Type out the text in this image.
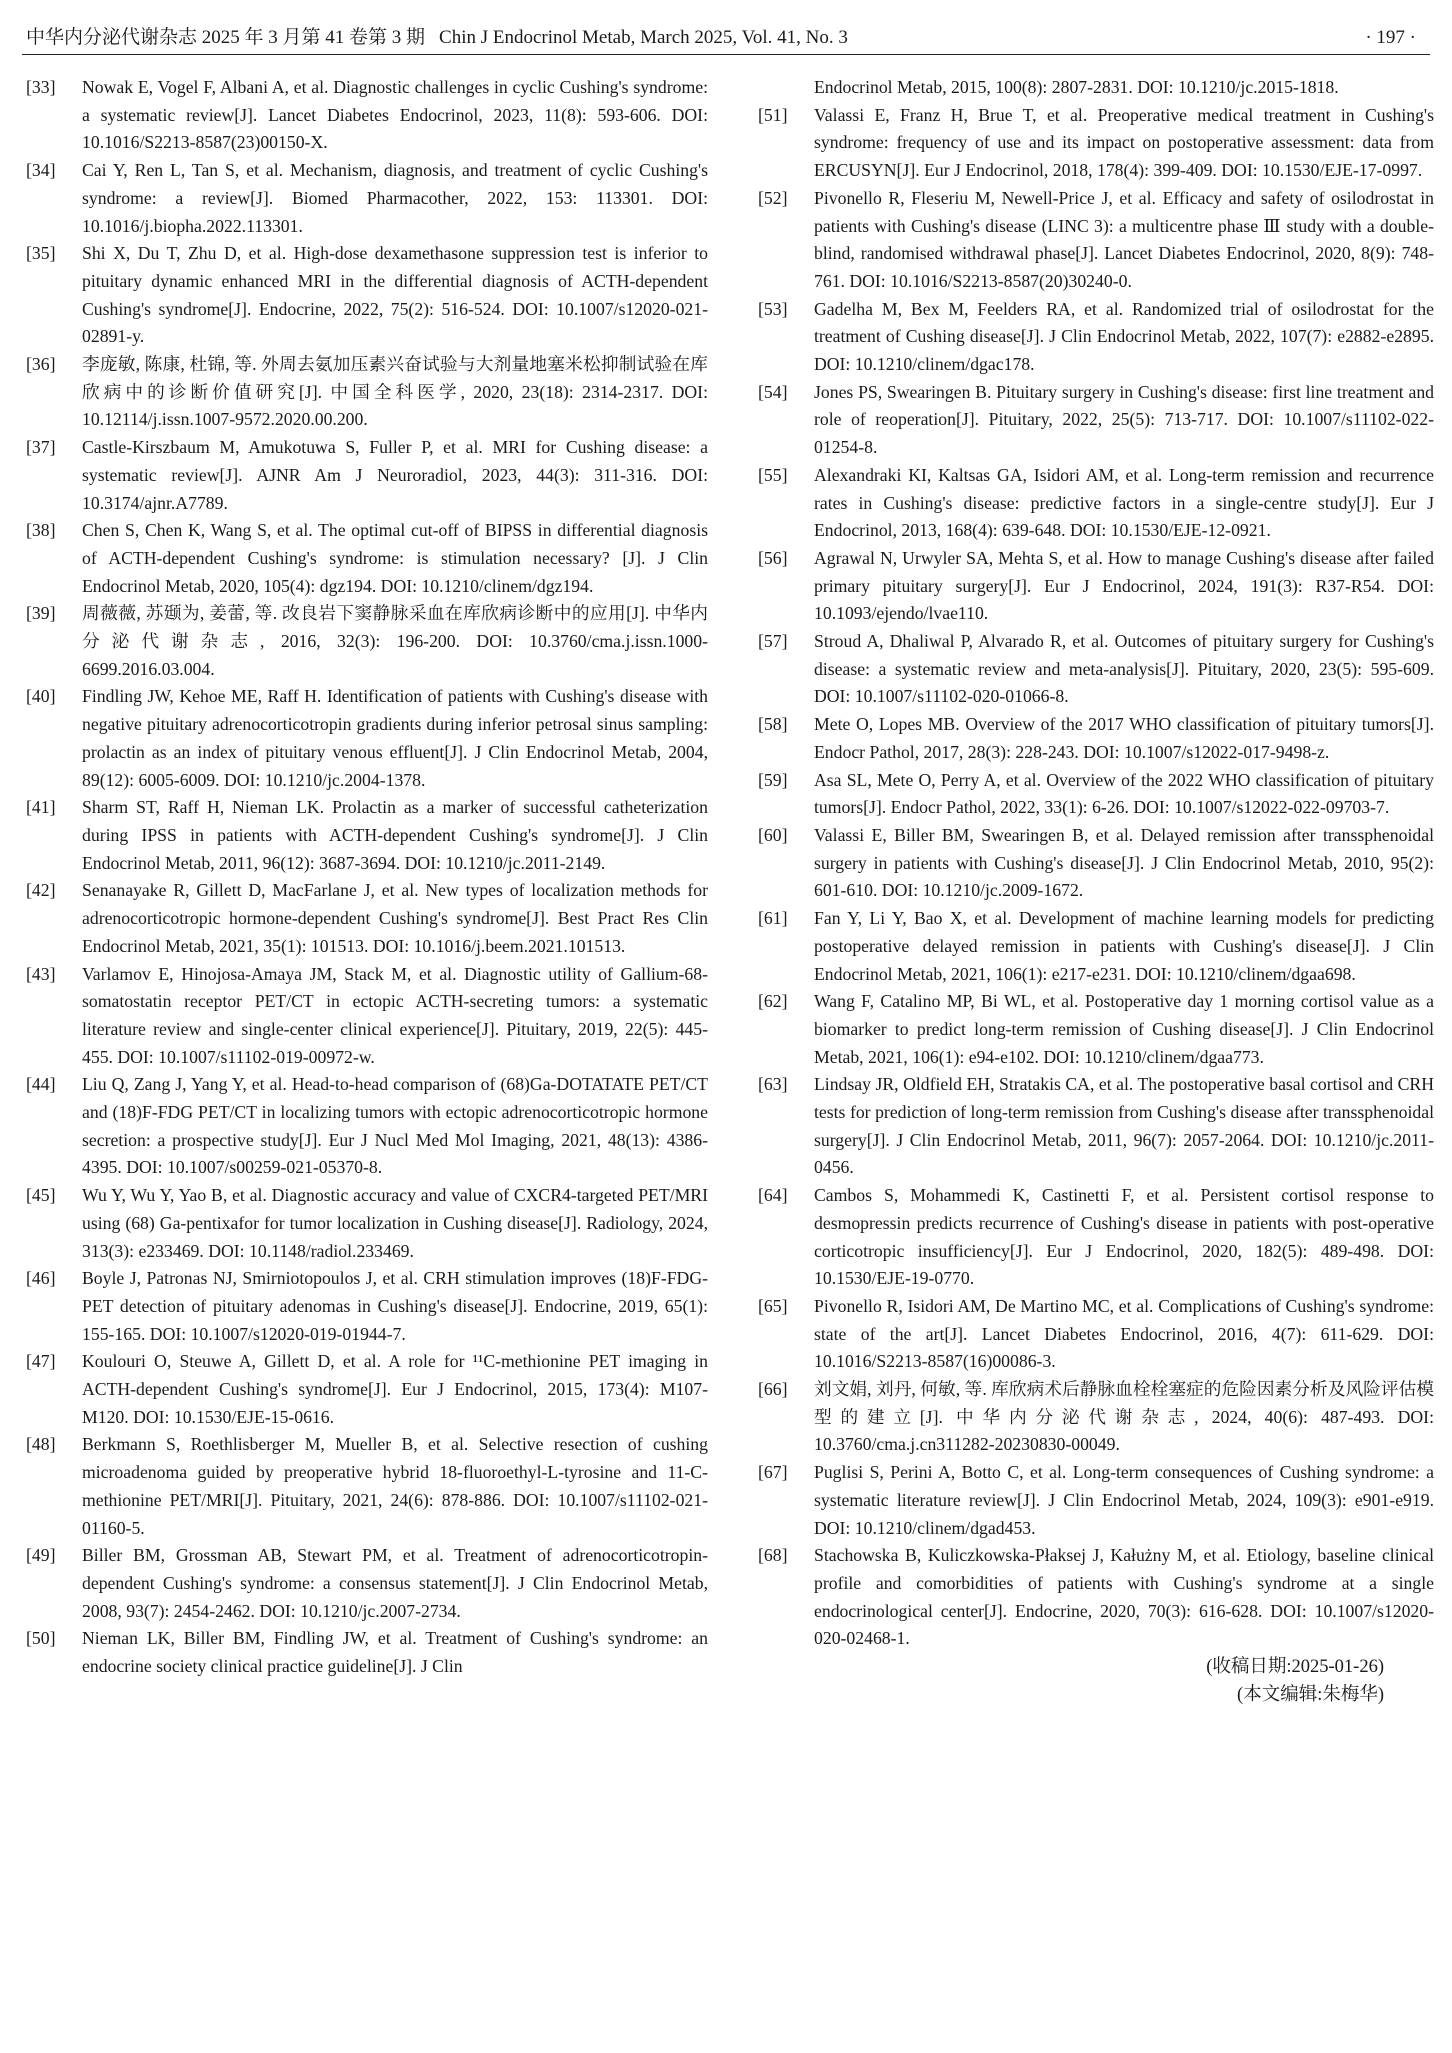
中华内分泌代谢杂志 2025 年 3 月第 41 卷第 3 期 Chin J Endocrinol Metab, March 2025, Vol. 41, No. 3	· 197 ·
[33]	Nowak E, Vogel F, Albani A, et al. Diagnostic challenges in cyclic Cushing's syndrome: a systematic review[J]. Lancet Diabetes Endocrinol, 2023, 11(8): 593-606. DOI: 10.1016/S2213-8587(23)00150-X.
[34]	Cai Y, Ren L, Tan S, et al. Mechanism, diagnosis, and treatment of cyclic Cushing's syndrome: a review[J]. Biomed Pharmacother, 2022, 153: 113301. DOI: 10.1016/j.biopha.2022.113301.
[35]	Shi X, Du T, Zhu D, et al. High-dose dexamethasone suppression test is inferior to pituitary dynamic enhanced MRI in the differential diagnosis of ACTH-dependent Cushing's syndrome[J]. Endocrine, 2022, 75(2): 516-524. DOI: 10.1007/s12020-021-02891-y.
[36]	李庞敏, 陈康, 杜锦, 等. 外周去氨加压素兴奋试验与大剂量地塞米松抑制试验在库欣病中的诊断价值研究[J]. 中国全科医学, 2020, 23(18): 2314-2317. DOI: 10.12114/j.issn.1007-9572.2020.00.200.
[37]	Castle-Kirszbaum M, Amukotuwa S, Fuller P, et al. MRI for Cushing disease: a systematic review[J]. AJNR Am J Neuroradiol, 2023, 44(3): 311-316. DOI: 10.3174/ajnr.A7789.
[38]	Chen S, Chen K, Wang S, et al. The optimal cut-off of BIPSS in differential diagnosis of ACTH-dependent Cushing's syndrome: is stimulation necessary? [J]. J Clin Endocrinol Metab, 2020, 105(4): dgz194. DOI: 10.1210/clinem/dgz194.
[39]	周薇薇, 苏颋为, 姜蕾, 等. 改良岩下窦静脉采血在库欣病诊断中的应用[J]. 中华内分泌代谢杂志, 2016, 32(3): 196-200. DOI: 10.3760/cma.j.issn.1000-6699.2016.03.004.
[40]	Findling JW, Kehoe ME, Raff H. Identification of patients with Cushing's disease with negative pituitary adrenocorticotropin gradients during inferior petrosal sinus sampling: prolactin as an index of pituitary venous effluent[J]. J Clin Endocrinol Metab, 2004, 89(12): 6005-6009. DOI: 10.1210/jc.2004-1378.
[41]	Sharm ST, Raff H, Nieman LK. Prolactin as a marker of successful catheterization during IPSS in patients with ACTH-dependent Cushing's syndrome[J]. J Clin Endocrinol Metab, 2011, 96(12): 3687-3694. DOI: 10.1210/jc.2011-2149.
[42]	Senanayake R, Gillett D, MacFarlane J, et al. New types of localization methods for adrenocorticotropic hormone-dependent Cushing's syndrome[J]. Best Pract Res Clin Endocrinol Metab, 2021, 35(1): 101513. DOI: 10.1016/j.beem.2021.101513.
[43]	Varlamov E, Hinojosa-Amaya JM, Stack M, et al. Diagnostic utility of Gallium-68-somatostatin receptor PET/CT in ectopic ACTH-secreting tumors: a systematic literature review and single-center clinical experience[J]. Pituitary, 2019, 22(5): 445-455. DOI: 10.1007/s11102-019-00972-w.
[44]	Liu Q, Zang J, Yang Y, et al. Head-to-head comparison of (68)Ga-DOTATATE PET/CT and (18)F-FDG PET/CT in localizing tumors with ectopic adrenocorticotropic hormone secretion: a prospective study[J]. Eur J Nucl Med Mol Imaging, 2021, 48(13): 4386-4395. DOI: 10.1007/s00259-021-05370-8.
[45]	Wu Y, Wu Y, Yao B, et al. Diagnostic accuracy and value of CXCR4-targeted PET/MRI using (68) Ga-pentixafor for tumor localization in Cushing disease[J]. Radiology, 2024, 313(3): e233469. DOI: 10.1148/radiol.233469.
[46]	Boyle J, Patronas NJ, Smirniotopoulos J, et al. CRH stimulation improves (18)F-FDG-PET detection of pituitary adenomas in Cushing's disease[J]. Endocrine, 2019, 65(1): 155-165. DOI: 10.1007/s12020-019-01944-7.
[47]	Koulouri O, Steuwe A, Gillett D, et al. A role for ¹¹C-methionine PET imaging in ACTH-dependent Cushing's syndrome[J]. Eur J Endocrinol, 2015, 173(4): M107-M120. DOI: 10.1530/EJE-15-0616.
[48]	Berkmann S, Roethlisberger M, Mueller B, et al. Selective resection of cushing microadenoma guided by preoperative hybrid 18-fluoroethyl-L-tyrosine and 11-C-methionine PET/MRI[J]. Pituitary, 2021, 24(6): 878-886. DOI: 10.1007/s11102-021-01160-5.
[49]	Biller BM, Grossman AB, Stewart PM, et al. Treatment of adrenocorticotropin-dependent Cushing's syndrome: a consensus statement[J]. J Clin Endocrinol Metab, 2008, 93(7): 2454-2462. DOI: 10.1210/jc.2007-2734.
[50]	Nieman LK, Biller BM, Findling JW, et al. Treatment of Cushing's syndrome: an endocrine society clinical practice guideline[J]. J Clin
Endocrinol Metab, 2015, 100(8): 2807-2831. DOI: 10.1210/jc.2015-1818.
[51]	Valassi E, Franz H, Brue T, et al. Preoperative medical treatment in Cushing's syndrome: frequency of use and its impact on postoperative assessment: data from ERCUSYN[J]. Eur J Endocrinol, 2018, 178(4): 399-409. DOI: 10.1530/EJE-17-0997.
[52]	Pivonello R, Fleseriu M, Newell-Price J, et al. Efficacy and safety of osilodrostat in patients with Cushing's disease (LINC 3): a multicentre phase Ⅲ study with a double-blind, randomised withdrawal phase[J]. Lancet Diabetes Endocrinol, 2020, 8(9): 748-761. DOI: 10.1016/S2213-8587(20)30240-0.
[53]	Gadelha M, Bex M, Feelders RA, et al. Randomized trial of osilodrostat for the treatment of Cushing disease[J]. J Clin Endocrinol Metab, 2022, 107(7): e2882-e2895. DOI: 10.1210/clinem/dgac178.
[54]	Jones PS, Swearingen B. Pituitary surgery in Cushing's disease: first line treatment and role of reoperation[J]. Pituitary, 2022, 25(5): 713-717. DOI: 10.1007/s11102-022-01254-8.
[55]	Alexandraki KI, Kaltsas GA, Isidori AM, et al. Long-term remission and recurrence rates in Cushing's disease: predictive factors in a single-centre study[J]. Eur J Endocrinol, 2013, 168(4): 639-648. DOI: 10.1530/EJE-12-0921.
[56]	Agrawal N, Urwyler SA, Mehta S, et al. How to manage Cushing's disease after failed primary pituitary surgery[J]. Eur J Endocrinol, 2024, 191(3): R37-R54. DOI: 10.1093/ejendo/lvae110.
[57]	Stroud A, Dhaliwal P, Alvarado R, et al. Outcomes of pituitary surgery for Cushing's disease: a systematic review and meta-analysis[J]. Pituitary, 2020, 23(5): 595-609. DOI: 10.1007/s11102-020-01066-8.
[58]	Mete O, Lopes MB. Overview of the 2017 WHO classification of pituitary tumors[J]. Endocr Pathol, 2017, 28(3): 228-243. DOI: 10.1007/s12022-017-9498-z.
[59]	Asa SL, Mete O, Perry A, et al. Overview of the 2022 WHO classification of pituitary tumors[J]. Endocr Pathol, 2022, 33(1): 6-26. DOI: 10.1007/s12022-022-09703-7.
[60]	Valassi E, Biller BM, Swearingen B, et al. Delayed remission after transsphenoidal surgery in patients with Cushing's disease[J]. J Clin Endocrinol Metab, 2010, 95(2): 601-610. DOI: 10.1210/jc.2009-1672.
[61]	Fan Y, Li Y, Bao X, et al. Development of machine learning models for predicting postoperative delayed remission in patients with Cushing's disease[J]. J Clin Endocrinol Metab, 2021, 106(1): e217-e231. DOI: 10.1210/clinem/dgaa698.
[62]	Wang F, Catalino MP, Bi WL, et al. Postoperative day 1 morning cortisol value as a biomarker to predict long-term remission of Cushing disease[J]. J Clin Endocrinol Metab, 2021, 106(1): e94-e102. DOI: 10.1210/clinem/dgaa773.
[63]	Lindsay JR, Oldfield EH, Stratakis CA, et al. The postoperative basal cortisol and CRH tests for prediction of long-term remission from Cushing's disease after transsphenoidal surgery[J]. J Clin Endocrinol Metab, 2011, 96(7): 2057-2064. DOI: 10.1210/jc.2011-0456.
[64]	Cambos S, Mohammedi K, Castinetti F, et al. Persistent cortisol response to desmopressin predicts recurrence of Cushing's disease in patients with post-operative corticotropic insufficiency[J]. Eur J Endocrinol, 2020, 182(5): 489-498. DOI: 10.1530/EJE-19-0770.
[65]	Pivonello R, Isidori AM, De Martino MC, et al. Complications of Cushing's syndrome: state of the art[J]. Lancet Diabetes Endocrinol, 2016, 4(7): 611-629. DOI: 10.1016/S2213-8587(16)00086-3.
[66]	刘文娟, 刘丹, 何敏, 等. 库欣病术后静脉血栓栓塞症的危险因素分析及风险评估模型的建立[J]. 中华内分泌代谢杂志, 2024, 40(6): 487-493. DOI: 10.3760/cma.j.cn311282-20230830-00049.
[67]	Puglisi S, Perini A, Botto C, et al. Long-term consequences of Cushing syndrome: a systematic literature review[J]. J Clin Endocrinol Metab, 2024, 109(3): e901-e919. DOI: 10.1210/clinem/dgad453.
[68]	Stachowska B, Kuliczkowska-Płaksej J, Kałużny M, et al. Etiology, baseline clinical profile and comorbidities of patients with Cushing's syndrome at a single endocrinological center[J]. Endocrine, 2020, 70(3): 616-628. DOI: 10.1007/s12020-020-02468-1.
(收稿日期:2025-01-26)
(本文编辑:朱梅华)
